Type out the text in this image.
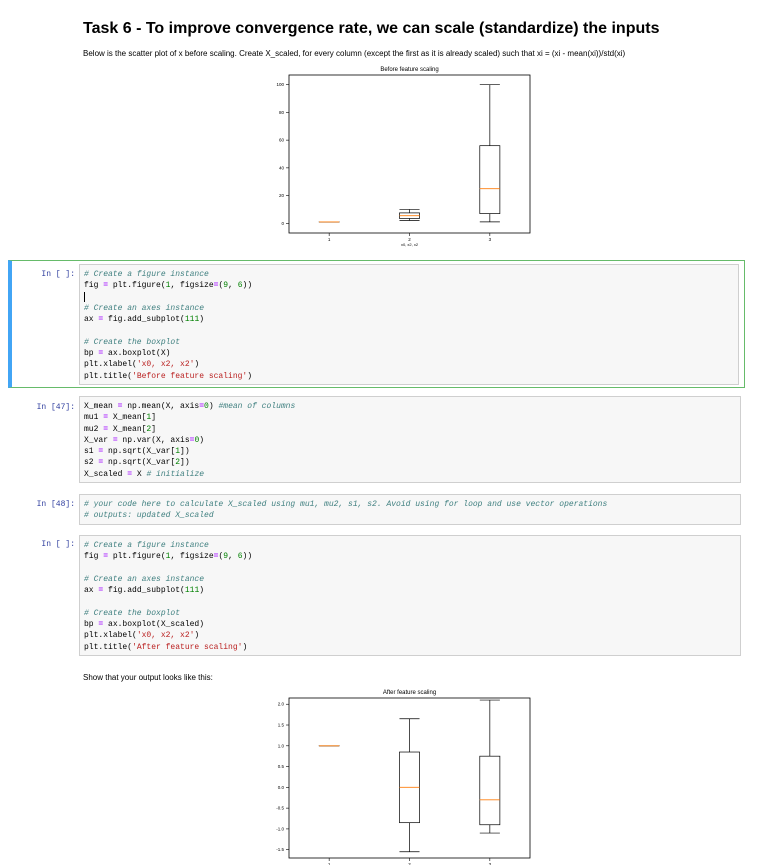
Task 6 - To improve convergence rate, we can scale (standardize) the inputs
Below is the scatter plot of x before scaling. Create X_scaled, for every column (except the first as it is already scaled) such that xi = (xi - mean(xi))/std(xi)
Before feature scaling
0
20
40
60
80
100
1	2	3
x0, x2, x2
In [ ]: # Create a figure instance
fig = plt.figure(1, figsize=(9, 6))
# Create an axes instance
ax = fig.add_subplot(111)
# Create the boxplot
bp = ax.boxplot(X)
plt.xlabel('x0, x2, x2')
plt.title('Before feature scaling')
In [47]: X_mean = np.mean(X, axis=0) #mean of columns
mu1 = X_mean[1]
mu2 = X_mean[2]
X_var = np.var(X, axis=0)
s1 = np.sqrt(X_var[1])
s2 = np.sqrt(X_var[2])
X_scaled = X # initialize
In [48]: # your code here to calculate X_scaled using mu1, mu2, s1, s2. Avoid using for loop and use vector operations
# outputs: updated X_scaled
In [ ]: # Create a figure instance
fig = plt.figure(1, figsize=(9, 6))
# Create an axes instance
ax = fig.add_subplot(111)
# Create the boxplot
bp = ax.boxplot(X_scaled)
plt.xlabel('x0, x2, x2')
plt.title('After feature scaling')
Show that your output looks like this:
After feature scaling
-1.5
-1.0
-0.5
0.0
0.5
1.0
1.5
2.0
1	2	3
